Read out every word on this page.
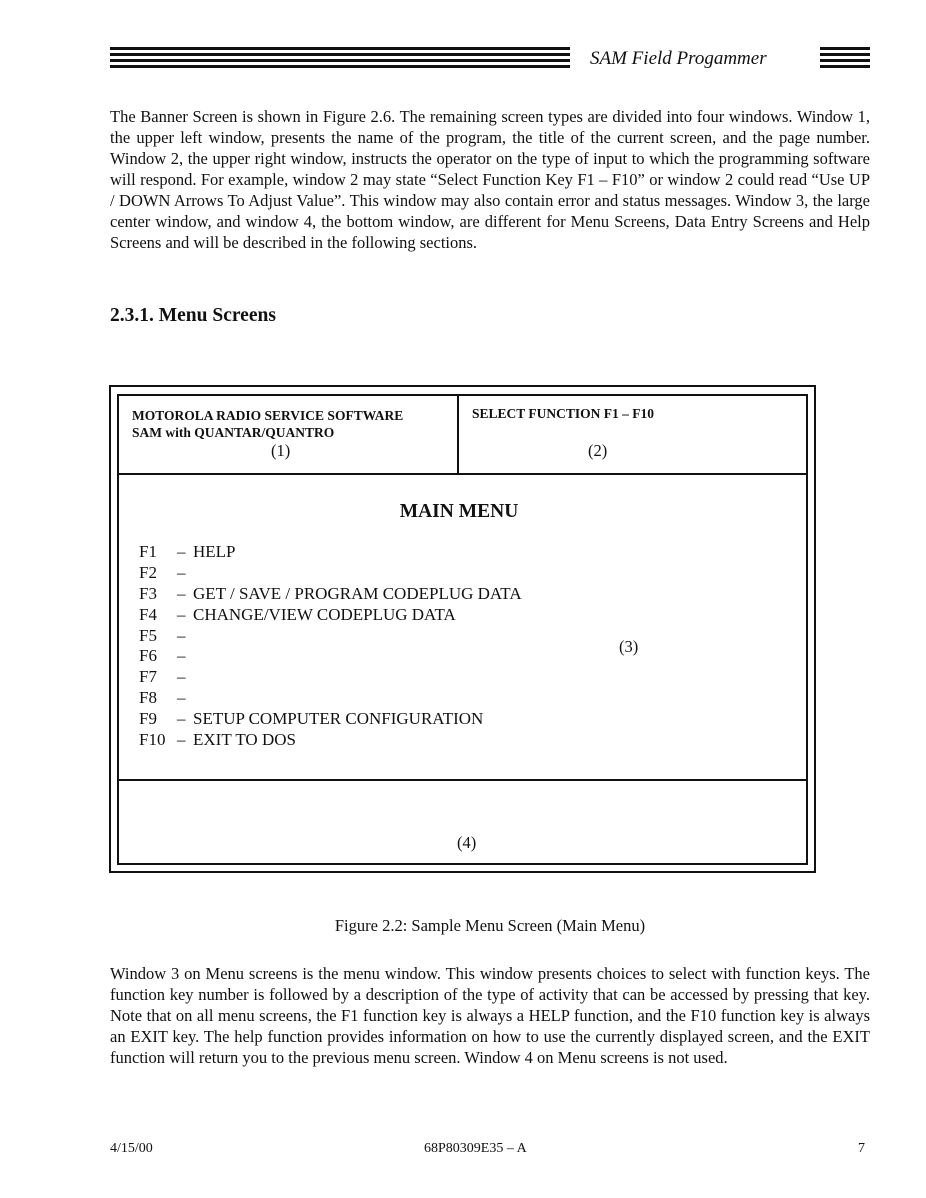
SAM Field Progammer

The Banner Screen is shown in Figure 2.6. The remaining screen types are divided into four windows. Window 1, the upper left window, presents the name of the program, the title of the current screen, and the page number. Window 2, the upper right window, instructs the operator on the type of input to which the programming software will respond. For example, window 2 may state “Select Function Key F1 – F10” or window 2 could read “Use UP / DOWN Arrows To Adjust Value”. This window may also contain error and status messages. Window 3, the large center window, and window 4, the bottom window, are different for Menu Screens, Data Entry Screens and Help Screens and will be described in the following sections.

2.3.1. Menu Screens
MOTOROLA RADIO SERVICE SOFTWARE
SAM with QUANTAR/QUANTRO
(1)
SELECT FUNCTION F1 – F10
(2)
MAIN MENU
F1 – HELP
F2 –
F3 – GET / SAVE / PROGRAM CODEPLUG DATA
F4 – CHANGE/VIEW CODEPLUG DATA
F5 –
F6 –
F7 –
F8 –
F9 – SETUP COMPUTER CONFIGURATION
F10 – EXIT TO DOS
(3)
(4)
Figure 2.2: Sample Menu Screen (Main Menu)

Window 3 on Menu screens is the menu window. This window presents choices to select with function keys. The function key number is followed by a description of the type of activity that can be accessed by pressing that key. Note that on all menu screens, the F1 function key is always a HELP function, and the F10 function key is always an EXIT key. The help function provides information on how to use the currently displayed screen, and the EXIT function will return you to the previous menu screen. Window 4 on Menu screens is not used.

4/15/00	68P80309E35 – A	7
